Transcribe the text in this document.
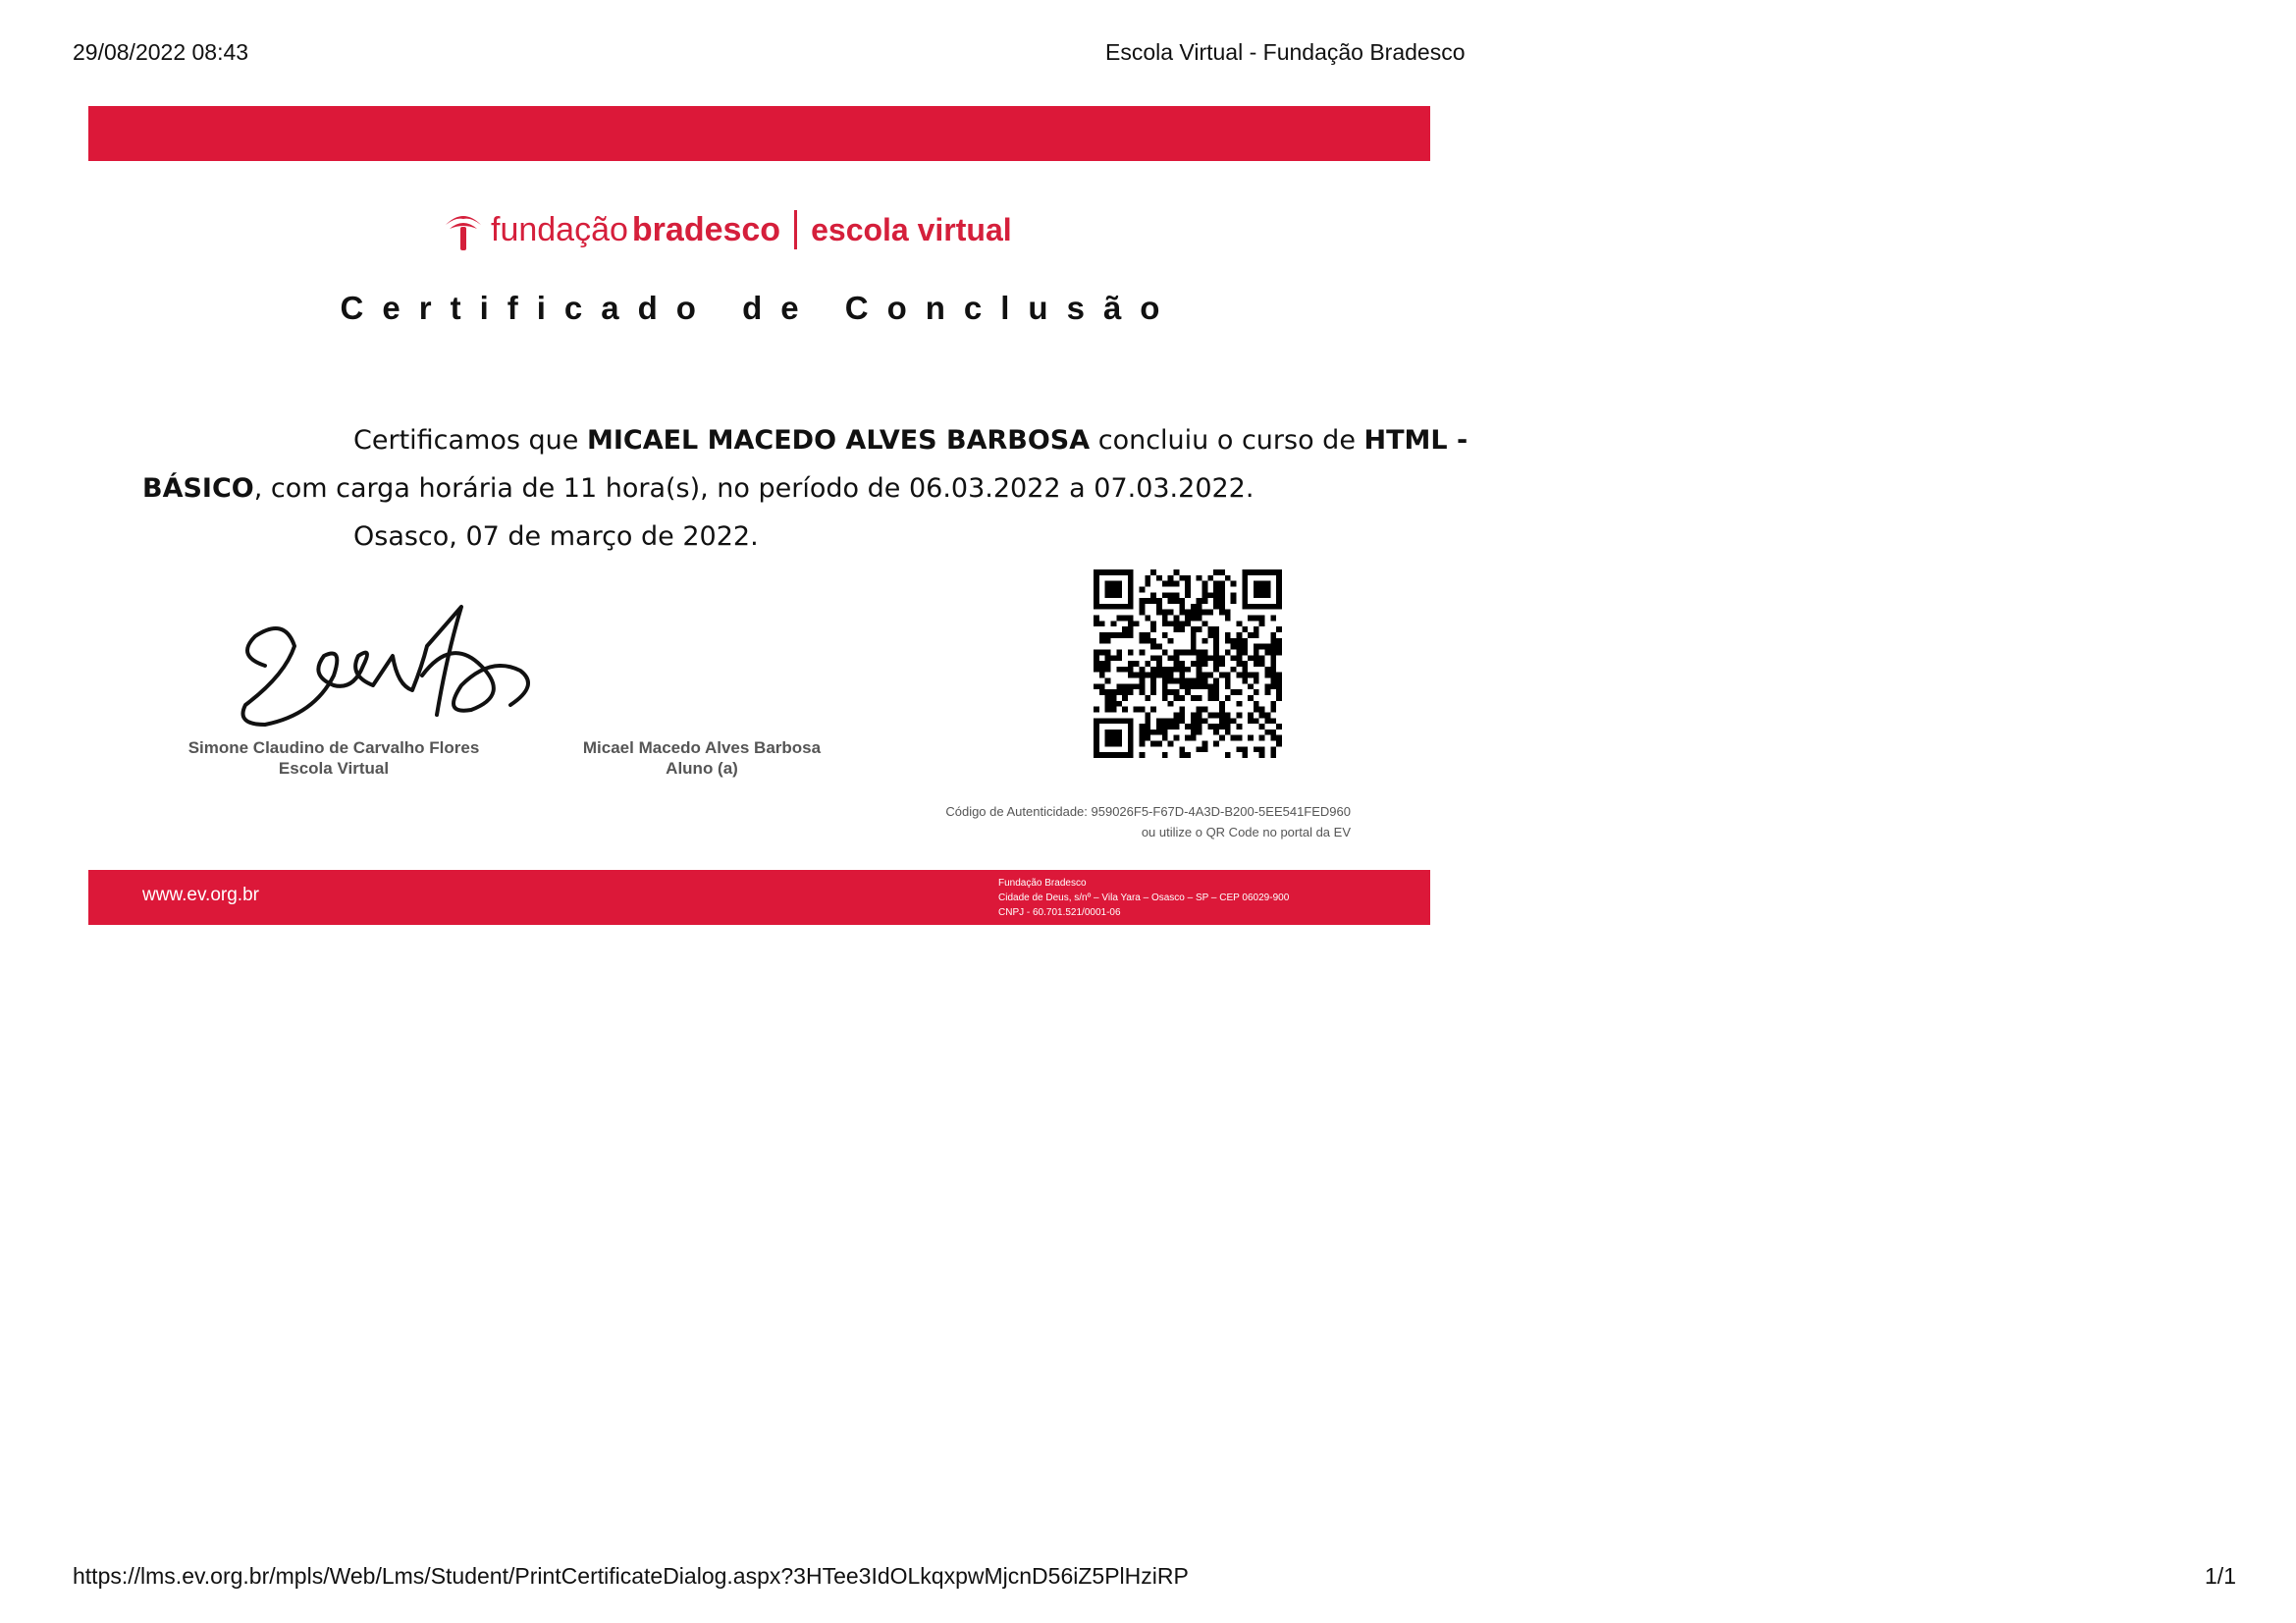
29/08/2022 08:43	Escola Virtual - Fundação Bradesco
fundação bradesco escola virtual
Certificado de Conclusão
Certificamos que MICAEL MACEDO ALVES BARBOSA concluiu o curso de HTML -
BÁSICO, com carga horária de 11 hora(s), no período de 06.03.2022 a 07.03.2022.
Osasco, 07 de março de 2022.
Simone Claudino de Carvalho Flores
Escola Virtual
Micael Macedo Alves Barbosa
Aluno (a)
Código de Autenticidade: 959026F5-F67D-4A3D-B200-5EE541FED960
ou utilize o QR Code no portal da EV
www.ev.org.br
Fundação Bradesco
Cidade de Deus, s/nº – Vila Yara – Osasco – SP – CEP 06029-900
CNPJ - 60.701.521/0001-06
https://lms.ev.org.br/mpls/Web/Lms/Student/PrintCertificateDialog.aspx?3HTee3IdOLkqxpwMjcnD56iZ5PlHziRP	1/1
